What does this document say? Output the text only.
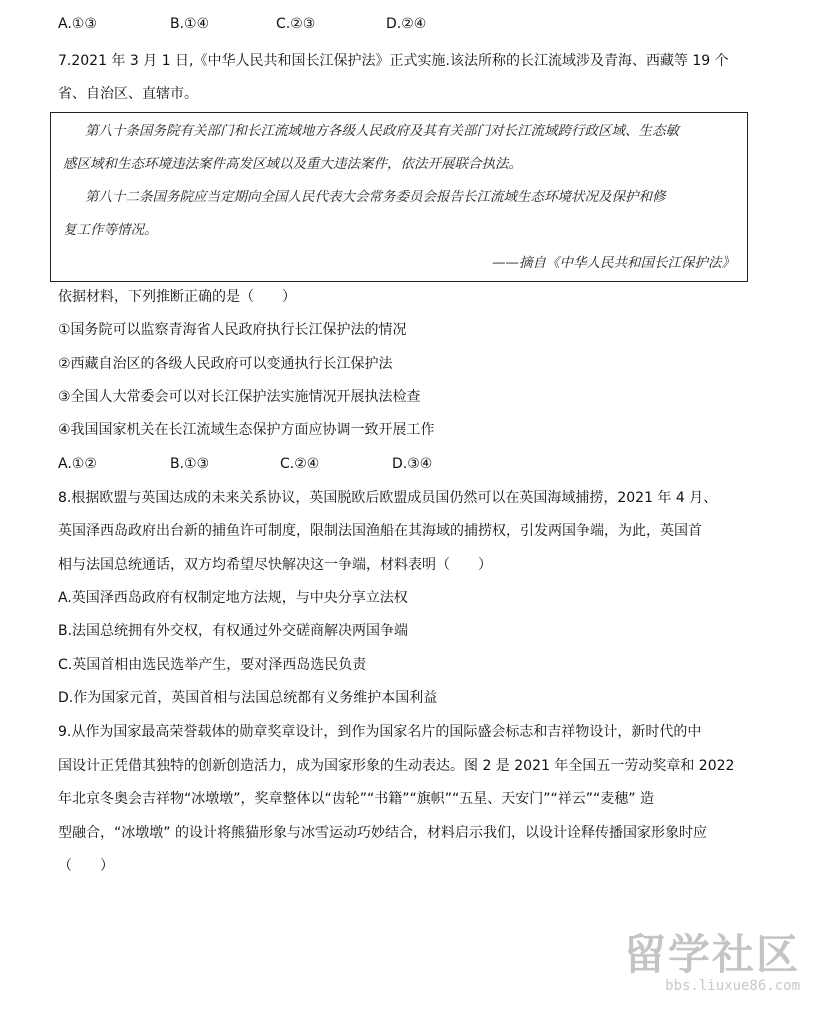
A.①③	B.①④	C.②③	D.②④
7.2021 年 3 月 1 日,《中华人民共和国长江保护法》正式实施.该法所称的长江流域涉及青海、西藏等 19 个
省、自治区、直辖市。
第八十条国务院有关部门和长江流域地方各级人民政府及其有关部门对长江流域跨行政区域、生态敏
感区域和生态环境违法案件高发区域以及重大违法案件，依法开展联合执法。
第八十二条国务院应当定期向全国人民代表大会常务委员会报告长江流域生态环境状况及保护和修
复工作等情况。
——摘自《中华人民共和国长江保护法》
依据材料，下列推断正确的是（　　）
①国务院可以监察青海省人民政府执行长江保护法的情况
②西藏自治区的各级人民政府可以变通执行长江保护法
③全国人大常委会可以对长江保护法实施情况开展执法检查
④我国国家机关在长江流域生态保护方面应协调一致开展工作
A.①②	B.①③	C.②④	D.③④
8.根据欧盟与英国达成的未来关系协议，英国脱欧后欧盟成员国仍然可以在英国海域捕捞，2021 年 4 月、
英国泽西岛政府出台新的捕鱼许可制度，限制法国渔船在其海域的捕捞权，引发两国争端，为此，英国首
相与法国总统通话，双方均希望尽快解决这一争端，材料表明（　　）
A.英国泽西岛政府有权制定地方法规，与中央分享立法权
B.法国总统拥有外交权，有权通过外交磋商解决两国争端
C.英国首相由选民选举产生，要对泽西岛选民负责
D.作为国家元首，英国首相与法国总统都有义务维护本国利益
9.从作为国家最高荣誉载体的勋章奖章设计，到作为国家名片的国际盛会标志和吉祥物设计，新时代的中
国设计正凭借其独特的创新创造活力，成为国家形象的生动表达。图 2 是 2021 年全国五一劳动奖章和 2022
年北京冬奥会吉祥物“冰墩墩”，奖章整体以“齿轮”“书籍”“旗帜”“五星、天安门”“祥云”“麦穗” 造
型融合，“冰墩墩” 的设计将熊猫形象与冰雪运动巧妙结合，材料启示我们，以设计诠释传播国家形象时应
（　　）
留学社区
bbs.liuxue86.com
